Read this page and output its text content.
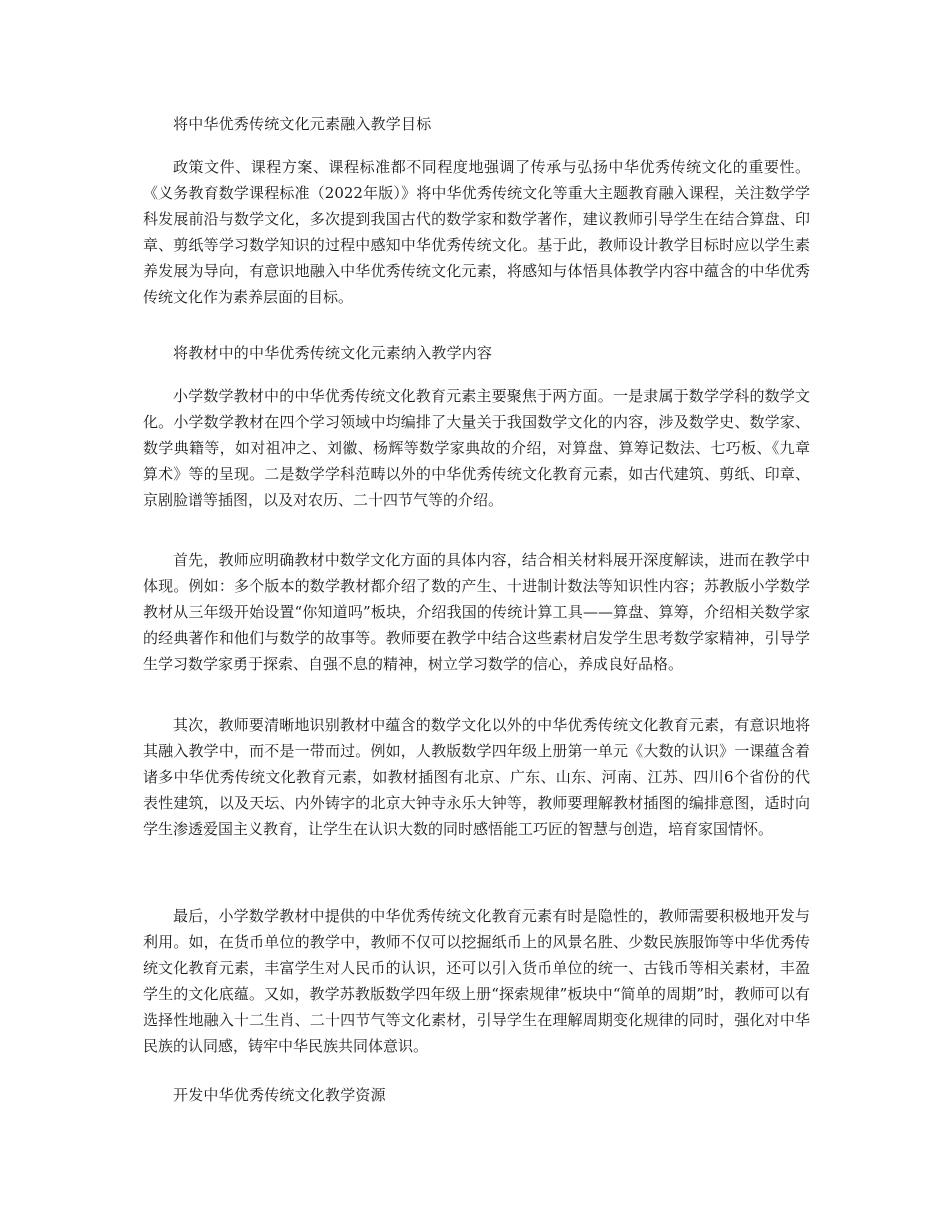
将中华优秀传统文化元素融入教学目标

政策文件、课程方案、课程标准都不同程度地强调了传承与弘扬中华优秀传统文化的重要性。《义务教育数学课程标准（2022年版）》将中华优秀传统文化等重大主题教育融入课程，关注数学学科发展前沿与数学文化，多次提到我国古代的数学家和数学著作，建议教师引导学生在结合算盘、印章、剪纸等学习数学知识的过程中感知中华优秀传统文化。基于此，教师设计教学目标时应以学生素养发展为导向，有意识地融入中华优秀传统文化元素，将感知与体悟具体教学内容中蕴含的中华优秀传统文化作为素养层面的目标。

将教材中的中华优秀传统文化元素纳入教学内容

小学数学教材中的中华优秀传统文化教育元素主要聚焦于两方面。一是隶属于数学学科的数学文化。小学数学教材在四个学习领域中均编排了大量关于我国数学文化的内容，涉及数学史、数学家、数学典籍等，如对祖冲之、刘徽、杨辉等数学家典故的介绍，对算盘、算筹记数法、七巧板、《九章算术》等的呈现。二是数学学科范畴以外的中华优秀传统文化教育元素，如古代建筑、剪纸、印章、京剧脸谱等插图，以及对农历、二十四节气等的介绍。

首先，教师应明确教材中数学文化方面的具体内容，结合相关材料展开深度解读，进而在教学中体现。例如：多个版本的数学教材都介绍了数的产生、十进制计数法等知识性内容；苏教版小学数学教材从三年级开始设置“你知道吗”板块，介绍我国的传统计算工具——算盘、算筹，介绍相关数学家的经典著作和他们与数学的故事等。教师要在教学中结合这些素材启发学生思考数学家精神，引导学生学习数学家勇于探索、自强不息的精神，树立学习数学的信心，养成良好品格。

其次，教师要清晰地识别教材中蕴含的数学文化以外的中华优秀传统文化教育元素，有意识地将其融入教学中，而不是一带而过。例如，人教版数学四年级上册第一单元《大数的认识》一课蕴含着诸多中华优秀传统文化教育元素，如教材插图有北京、广东、山东、河南、江苏、四川6个省份的代表性建筑，以及天坛、内外铸字的北京大钟寺永乐大钟等，教师要理解教材插图的编排意图，适时向学生渗透爱国主义教育，让学生在认识大数的同时感悟能工巧匠的智慧与创造，培育家国情怀。

最后，小学数学教材中提供的中华优秀传统文化教育元素有时是隐性的，教师需要积极地开发与利用。如，在货币单位的教学中，教师不仅可以挖掘纸币上的风景名胜、少数民族服饰等中华优秀传统文化教育元素，丰富学生对人民币的认识，还可以引入货币单位的统一、古钱币等相关素材，丰盈学生的文化底蕴。又如，教学苏教版数学四年级上册“探索规律”板块中“简单的周期”时，教师可以有选择性地融入十二生肖、二十四节气等文化素材，引导学生在理解周期变化规律的同时，强化对中华民族的认同感，铸牢中华民族共同体意识。

开发中华优秀传统文化教学资源
